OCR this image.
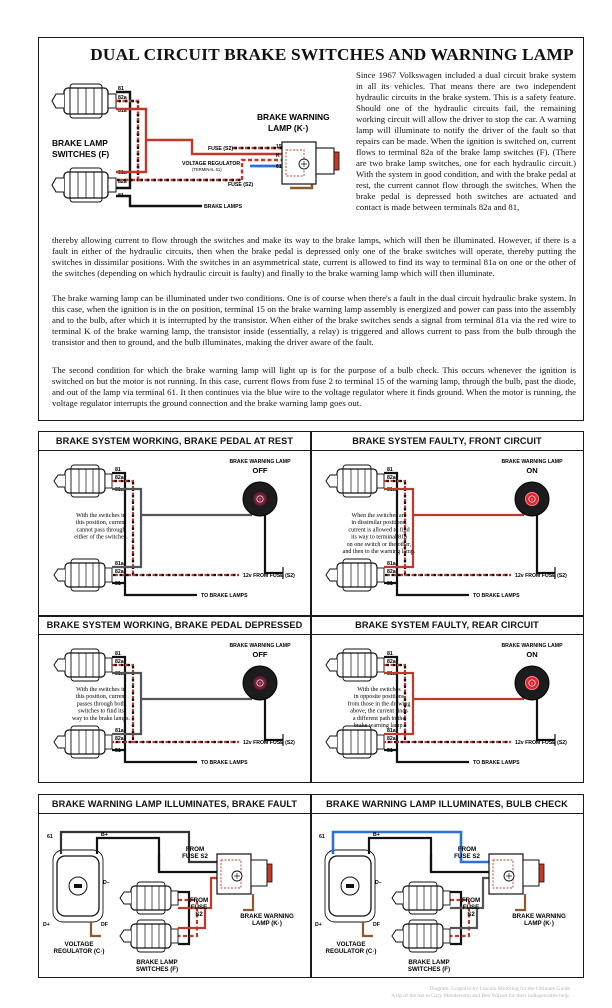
DUAL CIRCUIT BRAKE SWITCHES AND WARNING LAMP
81
82a
81a
81a
82a
81
FUSE (S2)
VOLTAGE REGULATOR
(TERMINAL 61)
FUSE (S2)
BRAKE LAMPS
15
K
61
BRAKE WARNING
LAMP (K·)
BRAKE LAMP
SWITCHES (F)

Since 1967 Volkswagen included a dual circuit brake system in all its vehicles. That means there are two independent hydraulic circuits in the brake system. This is a safety feature. Should one of the hydraulic circuits fail, the remaining working circuit will allow the driver to stop the car. A warning lamp will illuminate to notify the driver of the fault so that repairs can be made. When the ignition is switched on, current flows to terminal 82a of the brake lamp switches (F). (There are two brake lamp switches, one for each hydraulic circuit.) With the system in good condition, and with the brake pedal at rest, the current cannot flow through the switches. When the brake pedal is depressed both switches are actuated and contact is made between terminals 82a and 81,

thereby allowing current to flow through the switches and make its way to the brake lamps, which will then be illuminated. However, if there is a fault in either of the hydraulic circuits, then when the brake pedal is depressed only one of the brake switches will operate, thereby putting the switches in dissimilar positions. With the switches in an asymmetrical state, current is allowed to find its way to terminal 81a on one or the other of the switches (depending on which hydraulic circuit is faulty) and finally to the brake warning lamp which will then illuminate.

The brake warning lamp can be illuminated under two conditions. One is of course when there's a fault in the dual circuit hydraulic brake system. In this case, when the ignition is in the on position, terminal 15 on the brake warning lamp assembly is energized and power can pass into the assembly and to the bulb, after which it is interrupted by the transistor. When either of the brake switches sends a signal from terminal 81a via the red wire to terminal K of the brake warning lamp, the transistor inside (essentially, a relay) is triggered and allows current to pass from the bulb through the transistor and then to ground, and the bulb illuminates, making the driver aware of the fault.

The second condition for which the brake warning lamp will light up is for the purpose of a bulb check. This occurs whenever the ignition is switched on but the motor is not running. In this case, current flows from fuse 2 to terminal 15 of the warning lamp, through the bulb, past the diode, and out of the lamp via terminal 61. It then continues via the blue wire to the voltage regulator where it finds ground. When the motor is running, the voltage regulator interrupts the ground connection and the brake warning lamp goes out.

BRAKE SYSTEM WORKING, BRAKE PEDAL AT REST
81
82a
81a
81a
82a
81
!
BRAKE WARNING LAMP
OFF
With the switches in
this position, current
cannot pass through
either of the switches.
12v FROM FUSE (S2)
TO BRAKE LAMPS
BRAKE SYSTEM FAULTY, FRONT CIRCUIT
81
82a
81a
81a
82a
81
!
BRAKE WARNING LAMP
ON
When the switches are
in dissimilar positions,
current is allowed to find
its way to terminal 81a
on one switch or the other,
and then to the warning lamp.
12v FROM FUSE (S2)
TO BRAKE LAMPS
BRAKE SYSTEM WORKING, BRAKE PEDAL DEPRESSED
81
82a
81a
81a
82a
81
!
BRAKE WARNING LAMP
OFF
With the switches in
this position, current
passes through both
switches to find its
way to the brake lamps.
12v FROM FUSE (S2)
TO BRAKE LAMPS
BRAKE SYSTEM FAULTY, REAR CIRCUIT
81
82a
81a
81a
82a
81
!
BRAKE WARNING LAMP
ON
With the switches
in opposite positions
from those in the drawing
above, the current finds
a different path to the
brake warning lamp.
12v FROM FUSE (S2)
TO BRAKE LAMPS
BRAKE WARNING LAMP ILLUMINATES, BRAKE FAULT
61	B+
D−
D+	DF
FROM
FUSE S2
FROM
FUSE
S2	BRAKE WARNING
LAMP (K·)
VOLTAGE
REGULATOR (C·)
BRAKE LAMP
SWITCHES (F)
BRAKE WARNING LAMP ILLUMINATES, BULB CHECK
61	B+
D−
D+	DF
FROM
FUSE S2
FROM
FUSE
S2	BRAKE WARNING
LAMP (K·)
VOLTAGE
REGULATOR (C·)
BRAKE LAMP
SWITCHES (F)
Diagram. Graphics by Lincoln Motoring for the Ultimate Guide
A tip of the hat to Gary Mendelsohn and Ben Wilson for their indispensable help.
